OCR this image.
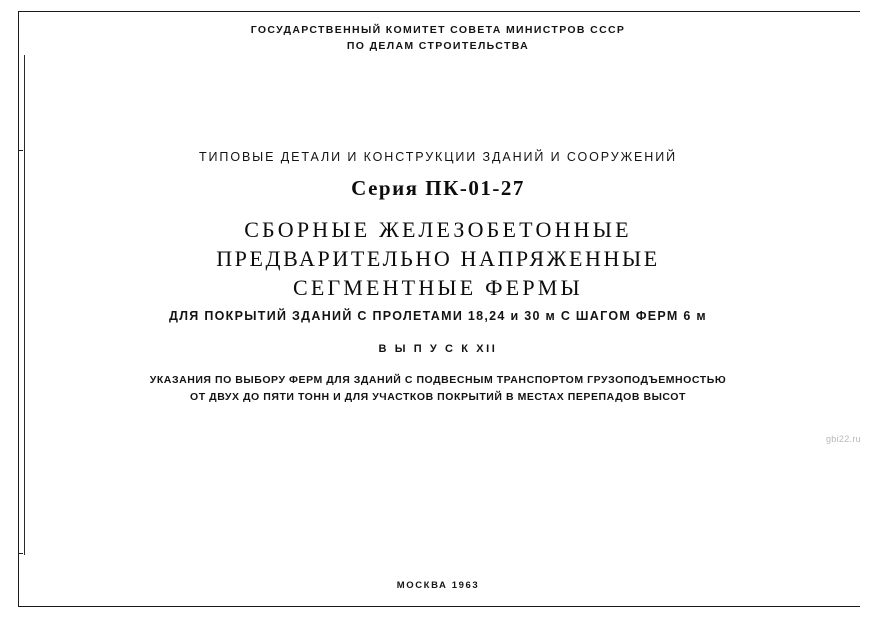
ГОСУДАРСТВЕННЫЙ КОМИТЕТ СОВЕТА МИНИСТРОВ СССР
ПО ДЕЛАМ СТРОИТЕЛЬСТВА
ТИПОВЫЕ ДЕТАЛИ И КОНСТРУКЦИИ ЗДАНИЙ И СООРУЖЕНИЙ
Серия ПК-01-27
СБОРНЫЕ ЖЕЛЕЗОБЕТОННЫЕ
ПРЕДВАРИТЕЛЬНО НАПРЯЖЕННЫЕ
СЕГМЕНТНЫЕ ФЕРМЫ
ДЛЯ ПОКРЫТИЙ ЗДАНИЙ С ПРОЛЕТАМИ 18,24 и 30 м С ШАГОМ ФЕРМ 6 м
В Ы П У С К XII
УКАЗАНИЯ ПО ВЫБОРУ ФЕРМ ДЛЯ ЗДАНИЙ С ПОДВЕСНЫМ ТРАНСПОРТОМ ГРУЗОПОДЪЕМНОСТЬЮ
ОТ ДВУХ ДО ПЯТИ ТОНН И ДЛЯ УЧАСТКОВ ПОКРЫТИЙ В МЕСТАХ ПЕРЕПАДОВ ВЫСОТ
gbi22.ru
МОСКВА 1963
